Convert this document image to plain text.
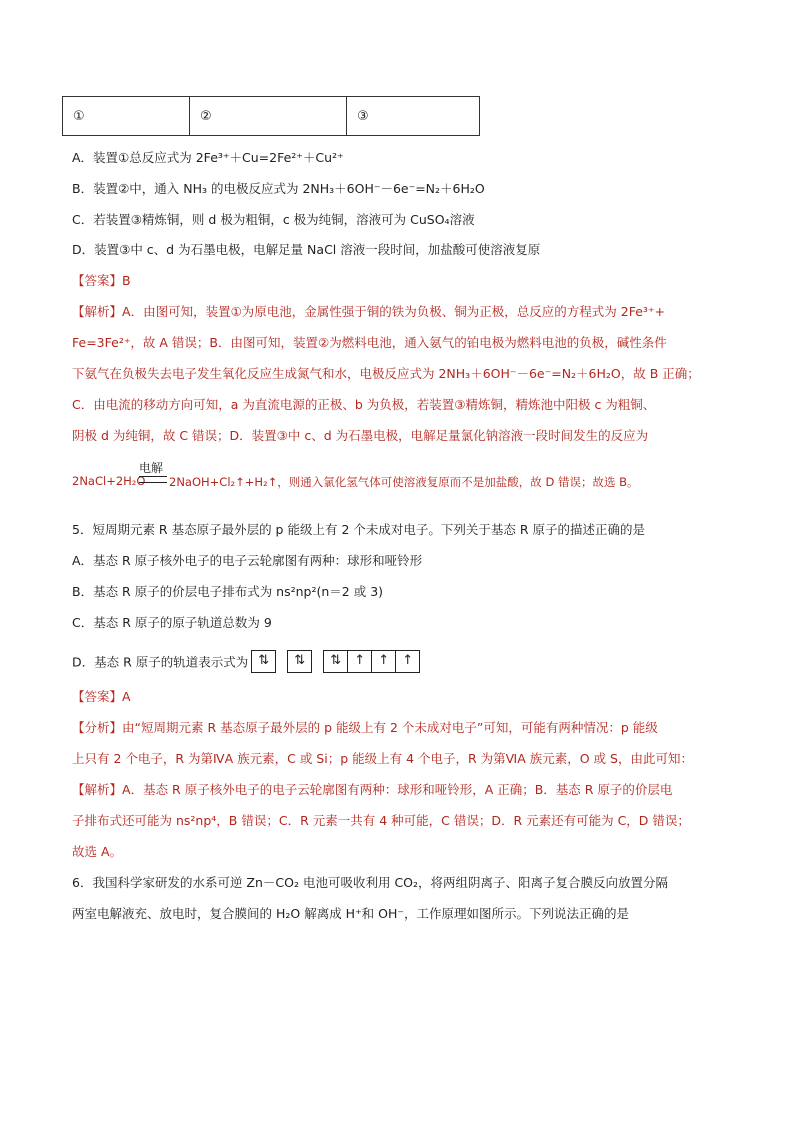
①	②	③
A．装置①总反应式为 2Fe³⁺＋Cu=2Fe²⁺＋Cu²⁺
B．装置②中，通入 NH₃ 的电极反应式为 2NH₃＋6OH⁻－6e⁻=N₂＋6H₂O
C．若装置③精炼铜，则 d 极为粗铜，c 极为纯铜，溶液可为 CuSO₄溶液
D．装置③中 c、d 为石墨电极，电解足量 NaCl 溶液一段时间，加盐酸可使溶液复原
【答案】B
【解析】A．由图可知，装置①为原电池，金属性强于铜的铁为负极、铜为正极，总反应的方程式为 2Fe³⁺+
Fe=3Fe²⁺，故 A 错误；B．由图可知，装置②为燃料电池，通入氨气的铂电极为燃料电池的负极，碱性条件
下氨气在负极失去电子发生氧化反应生成氮气和水，电极反应式为 2NH₃＋6OH⁻－6e⁻=N₂＋6H₂O，故 B 正确；
C．由电流的移动方向可知，a 为直流电源的正极、b 为负极，若装置③精炼铜，精炼池中阳极 c 为粗铜、
阴极 d 为纯铜，故 C 错误；D．装置③中 c、d 为石墨电极，电解足量氯化钠溶液一段时间发生的反应为
2NaCl+2H₂O
电解
2NaOH+Cl₂↑+H₂↑，则通入氯化氢气体可使溶液复原而不是加盐酸，故 D 错误；故选 B。
5．短周期元素 R 基态原子最外层的 p 能级上有 2 个未成对电子。下列关于基态 R 原子的描述正确的是
A．基态 R 原子核外电子的电子云轮廓图有两种：球形和哑铃形
B．基态 R 原子的价层电子排布式为 ns²np²(n＝2 或 3)
C．基态 R 原子的原子轨道总数为 9
D．基态 R 原子的轨道表示式为 ⇅ ⇅ ⇅ ↑ ↑ ↑
【答案】A
【分析】由“短周期元素 R 基态原子最外层的 p 能级上有 2 个未成对电子”可知，可能有两种情况：p 能级
上只有 2 个电子，R 为第ⅣA 族元素，C 或 Si；p 能级上有 4 个电子，R 为第ⅥA 族元素，O 或 S，由此可知：
【解析】A．基态 R 原子核外电子的电子云轮廓图有两种：球形和哑铃形，A 正确；B．基态 R 原子的价层电
子排布式还可能为 ns²np⁴，B 错误；C．R 元素一共有 4 种可能，C 错误；D．R 元素还有可能为 C，D 错误；
故选 A。
6．我国科学家研发的水系可逆 Zn－CO₂ 电池可吸收利用 CO₂，将两组阴离子、阳离子复合膜反向放置分隔
两室电解液充、放电时，复合膜间的 H₂O 解离成 H⁺和 OH⁻，工作原理如图所示。下列说法正确的是
